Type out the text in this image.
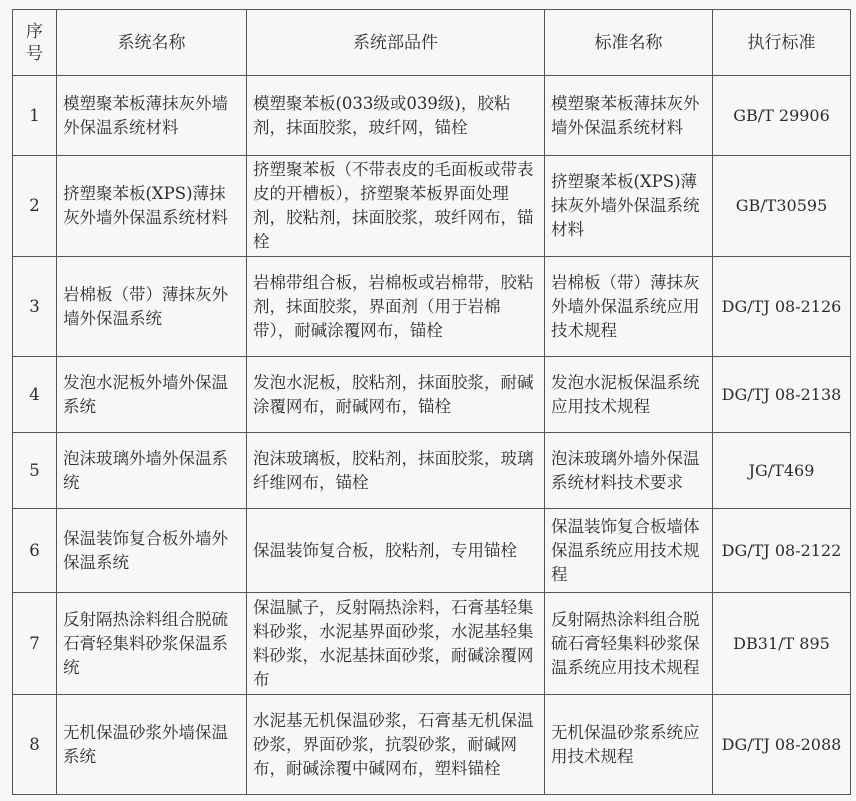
序号	系统名称	系统部品件	标准名称	执行标准
1	模塑聚苯板薄抹灰外墙外保温系统材料	模塑聚苯板(033级或039级)，胶粘剂，抹面胶浆，玻纤网，锚栓	模塑聚苯板薄抹灰外墙外保温系统材料	GB/T 29906
2	挤塑聚苯板(XPS)薄抹灰外墙外保温系统材料	挤塑聚苯板（不带表皮的毛面板或带表皮的开槽板），挤塑聚苯板界面处理剂，胶粘剂，抹面胶浆，玻纤网布，锚栓	挤塑聚苯板(XPS)薄抹灰外墙外保温系统材料	GB/T30595
3	岩棉板（带）薄抹灰外墙外保温系统	岩棉带组合板，岩棉板或岩棉带，胶粘剂，抹面胶浆，界面剂（用于岩棉带），耐碱涂覆网布，锚栓	岩棉板（带）薄抹灰外墙外保温系统应用技术规程	DG/TJ 08-2126
4	发泡水泥板外墙外保温系统	发泡水泥板，胶粘剂，抹面胶浆，耐碱涂覆网布，耐碱网布，锚栓	发泡水泥板保温系统应用技术规程	DG/TJ 08-2138
5	泡沫玻璃外墙外保温系统	泡沫玻璃板，胶粘剂，抹面胶浆，玻璃纤维网布，锚栓	泡沫玻璃外墙外保温系统材料技术要求	JG/T469
6	保温装饰复合板外墙外保温系统	保温装饰复合板，胶粘剂，专用锚栓	保温装饰复合板墙体保温系统应用技术规程	DG/TJ 08-2122
7	反射隔热涂料组合脱硫石膏轻集料砂浆保温系统	保温腻子，反射隔热涂料，石膏基轻集料砂浆，水泥基界面砂浆，水泥基轻集料砂浆，水泥基抹面砂浆，耐碱涂覆网布	反射隔热涂料组合脱硫石膏轻集料砂浆保温系统应用技术规程	DB31/T 895
8	无机保温砂浆外墙保温系统	水泥基无机保温砂浆，石膏基无机保温砂浆，界面砂浆，抗裂砂浆，耐碱网布，耐碱涂覆中碱网布，塑料锚栓	无机保温砂浆系统应用技术规程	DG/TJ 08-2088
